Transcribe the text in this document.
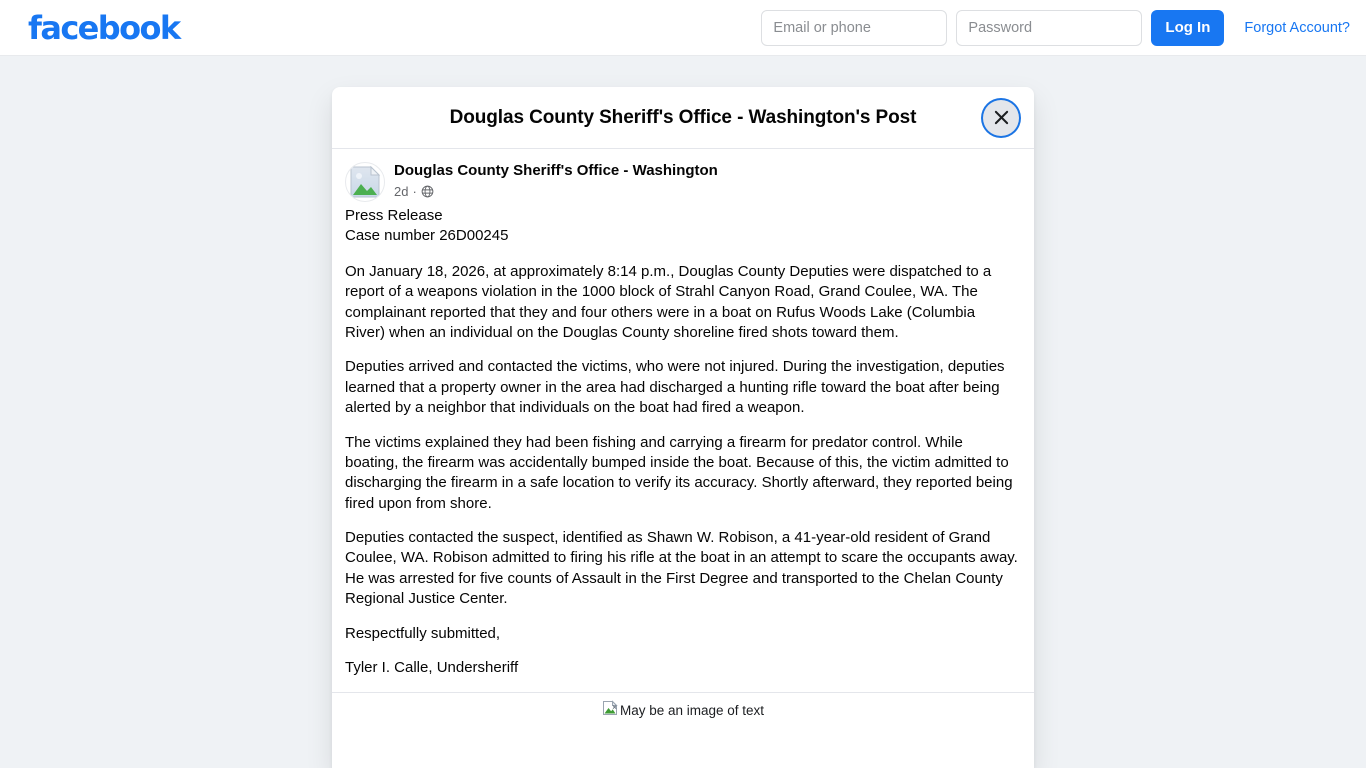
facebook
Email or phone	Log In	Forgot Account?
Douglas County Sheriff's Office - Washington's Post
Douglas County Sheriff's Office - Washington
2d ·

Press Release

Case number 26D00245

On January 18, 2026, at approximately 8:14 p.m., Douglas County Deputies were dispatched to a report of a weapons violation in the 1000 block of Strahl Canyon Road, Grand Coulee, WA. The complainant reported that they and four others were in a boat on Rufus Woods Lake (Columbia River) when an individual on the Douglas County shoreline fired shots toward them.

Deputies arrived and contacted the victims, who were not injured. During the investigation, deputies learned that a property owner in the area had discharged a hunting rifle toward the boat after being alerted by a neighbor that individuals on the boat had fired a weapon.

The victims explained they had been fishing and carrying a firearm for predator control. While boating, the firearm was accidentally bumped inside the boat. Because of this, the victim admitted to discharging the firearm in a safe location to verify its accuracy. Shortly afterward, they reported being fired upon from shore.

Deputies contacted the suspect, identified as Shawn W. Robison, a 41-year-old resident of Grand Coulee, WA. Robison admitted to firing his rifle at the boat in an attempt to scare the occupants away. He was arrested for five counts of Assault in the First Degree and transported to the Chelan County Regional Justice Center.

Respectfully submitted,

Tyler I. Calle, Undersheriff

May be an image of text
